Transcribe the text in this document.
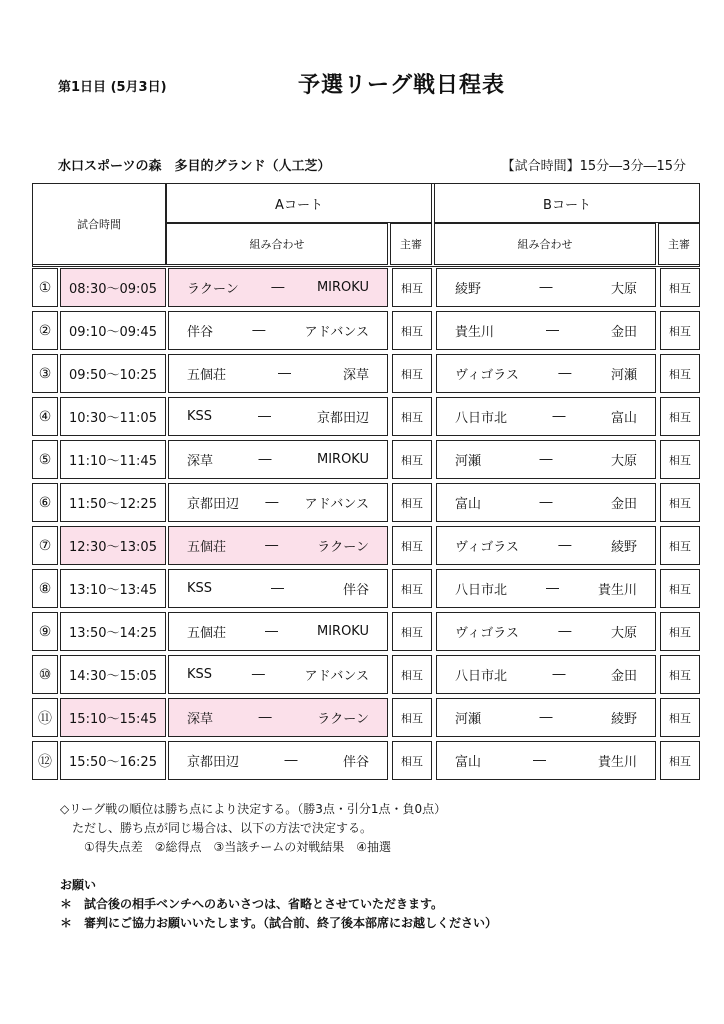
第1日目 (5月3日)	予選リーグ戦日程表
水口スポーツの森　多目的グランド（人工芝）	【試合時間】15分―3分―15分
試合時間
Aコート	Bコート
組み合わせ	主審	組み合わせ	主審
①	08:30〜09:05	ラクーン	―	MIROKU	相互	綾野	―	大原	相互
②	09:10〜09:45	伴谷	―	アドバンス	相互	貴生川	―	金田	相互
③	09:50〜10:25	五個荘	―	深草	相互	ヴィゴラス	―	河瀬	相互
④	10:30〜11:05	KSS	―	京都田辺	相互	八日市北	―	富山	相互
⑤	11:10〜11:45	深草	―	MIROKU	相互	河瀬	―	大原	相互
⑥	11:50〜12:25	京都田辺 ― アドバンス	相互	富山	―	金田	相互
⑦	12:30〜13:05	五個荘	―	ラクーン	相互	ヴィゴラス	―	綾野	相互
⑧	13:10〜13:45	KSS	―	伴谷	相互	八日市北	―	貴生川	相互
⑨	13:50〜14:25	五個荘	―	MIROKU	相互	ヴィゴラス	―	大原	相互
⑩	14:30〜15:05	KSS	―	アドバンス	相互	八日市北	―	金田	相互
⑪	15:10〜15:45	深草	―	ラクーン	相互	河瀬	―	綾野	相互
⑫	15:50〜16:25	京都田辺	―	伴谷	相互	富山	―	貴生川	相互
◇リーグ戦の順位は勝ち点により決定する。（勝3点・引分1点・負0点）
　ただし、勝ち点が同じ場合は、以下の方法で決定する。
　　①得失点差　②総得点　③当該チームの対戦結果　④抽選
お願い
＊　試合後の相手ベンチへのあいさつは、省略とさせていただきます。
＊　審判にご協力お願いいたします。（試合前、終了後本部席にお越しください）
